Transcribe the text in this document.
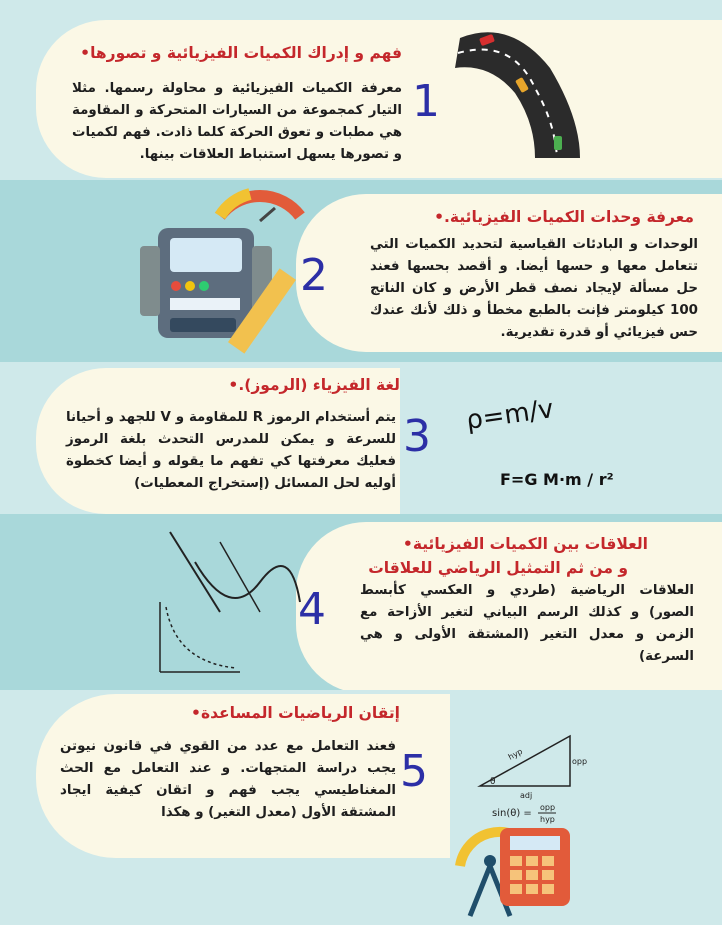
فهم و إدراك الكميات الفيزيائية و تصورها•
1
معرفة الكميات الفيزيائية و محاولة رسمها. مثلا التيار كمجموعة من السيارات المتحركة و المقاومة هي مطبات و تعوق الحركة كلما ذادت. فهم لكميات و تصورها يسهل استنباط العلاقات بينها.
معرفة وحدات الكميات الفيزيائية.•
الوحدات و البادئات القياسية لتحديد الكميات التي تتعامل معها و حسها أيضا. و أقصد بحسها فعند حل مسألة لإيجاد نصف قطر الأرض و كان الناتج 100 كيلومتر فإنت بالطبع مخطأ و ذلك لأنك عندك حس فيزيائي أو قدرة تقديرية.
2
لغة الفيزياء (الرموز).•
3
يتم أستخدام الرموز R للمقاومة و V للجهد و أحيانا للسرعة و يمكن للمدرس التحدث بلغة الرموز فعليك معرفتها كي تفهم ما يقوله و أيضا كخطوة أوليه لحل المسائل (إستخراج المعطيات)
ρ=m/v
F=G M·m / r²
العلاقات بين الكميات الفيزيائية•
و من ثم التمثيل الرياضي للعلاقات
العلاقات الرياضية (طردي و العكسي كأبسط الصور) و كذلك الرسم البياني لتغير الأزاحة مع الزمن و معدل التغير (المشتقة الأولى و هي السرعة)
4
إتقان الرياضيات المساعدة•
5
فعند التعامل مع عدد من القوي في قانون نيوتن يجب دراسة المتجهات. و عند التعامل مع الحث المغناطيسي يجب فهم و اتقان كيفية ايجاد المشتقة الأول (معدل التغير) و هكذا
hyp	opp
adj
θ
sin(θ) =
opp
hyp
